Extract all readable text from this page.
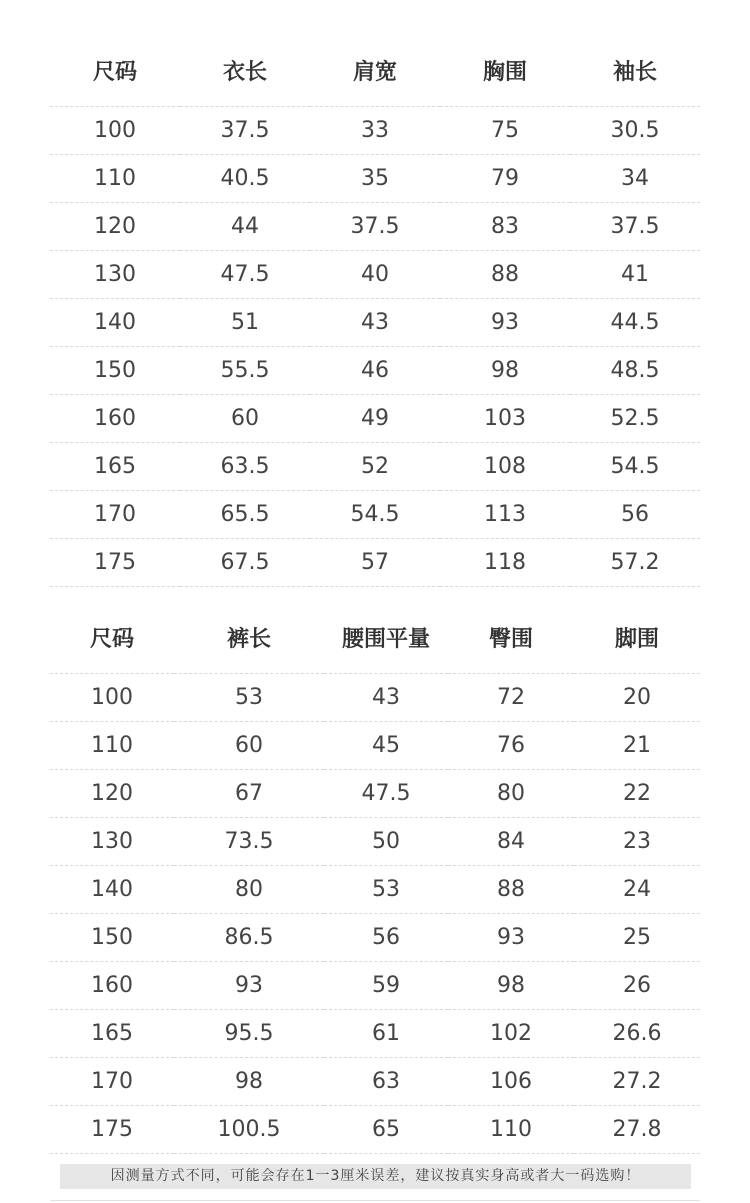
尺码	衣长	肩宽	胸围	袖长
100	37.5	33	75	30.5
110	40.5	35	79	34
120	44	37.5	83	37.5
130	47.5	40	88	41
140	51	43	93	44.5
150	55.5	46	98	48.5
160	60	49	103	52.5
165	63.5	52	108	54.5
170	65.5	54.5	113	56
175	67.5	57	118	57.2
尺码	裤长	腰围平量	臀围	脚围
100	53	43	72	20
110	60	45	76	21
120	67	47.5	80	22
130	73.5	50	84	23
140	80	53	88	24
150	86.5	56	93	25
160	93	59	98	26
165	95.5	61	102	26.6
170	98	63	106	27.2
175	100.5	65	110	27.8
因测量方式不同，可能会存在1一3厘米误差，建议按真实身高或者大一码选购！
